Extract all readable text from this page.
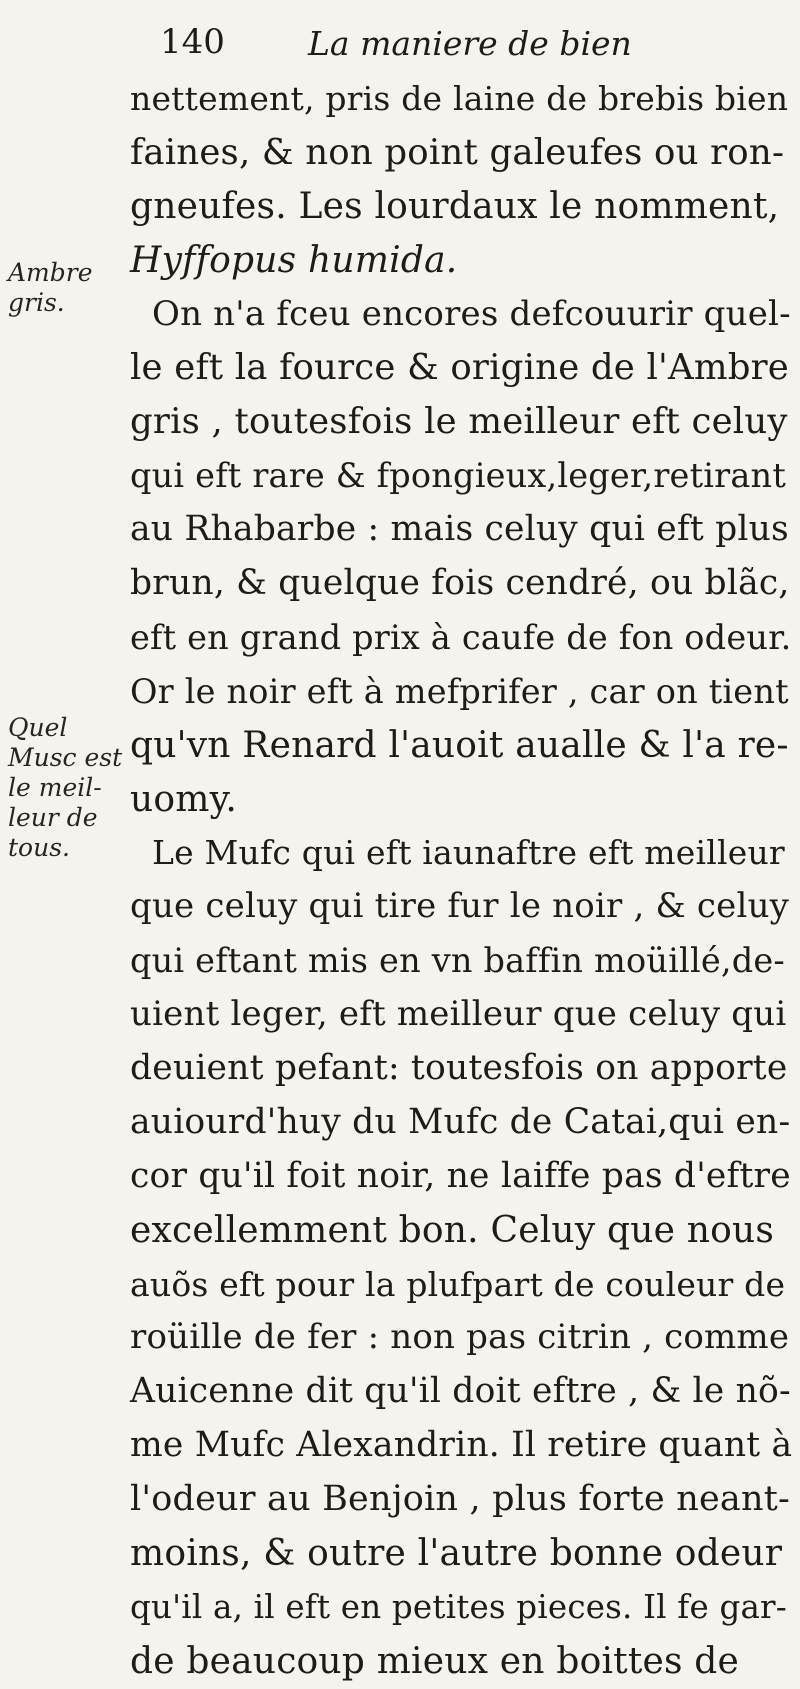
140	La maniere de bien
Ambre
gris.
Quel
Musc est
le meil-
leur de
tous.
nettement, pris de laine de brebis bien
faines, & non point galeufes ou ron-
gneufes. Les lourdaux le nomment,
Hyffopus humida.
On n'a fceu encores defcouurir quel-
le eft la fource & origine de l'Ambre
gris , toutesfois le meilleur eft celuy
qui eft rare & fpongieux,leger,retirant
au Rhabarbe : mais celuy qui eft plus
brun, & quelque fois cendré, ou blãc,
eft en grand prix à caufe de fon odeur.
Or le noir eft à mefprifer , car on tient
qu'vn Renard l'auoit aualle & l'a re-
uomy.
Le Mufc qui eft iaunaftre eft meilleur
que celuy qui tire fur le noir , & celuy
qui eftant mis en vn baffin moüillé,de-
uient leger, eft meilleur que celuy qui
deuient pefant: toutesfois on apporte
auiourd'huy du Mufc de Catai,qui en-
cor qu'il foit noir, ne laiffe pas d'eftre
excellemment bon. Celuy que nous
auõs eft pour la plufpart de couleur de
roüille de fer : non pas citrin , comme
Auicenne dit qu'il doit eftre , & le nõ-
me Mufc Alexandrin. Il retire quant à
l'odeur au Benjoin , plus forte neant-
moins, & outre l'autre bonne odeur
qu'il a, il eft en petites pieces. Il fe gar-
de beaucoup mieux en boittes de
